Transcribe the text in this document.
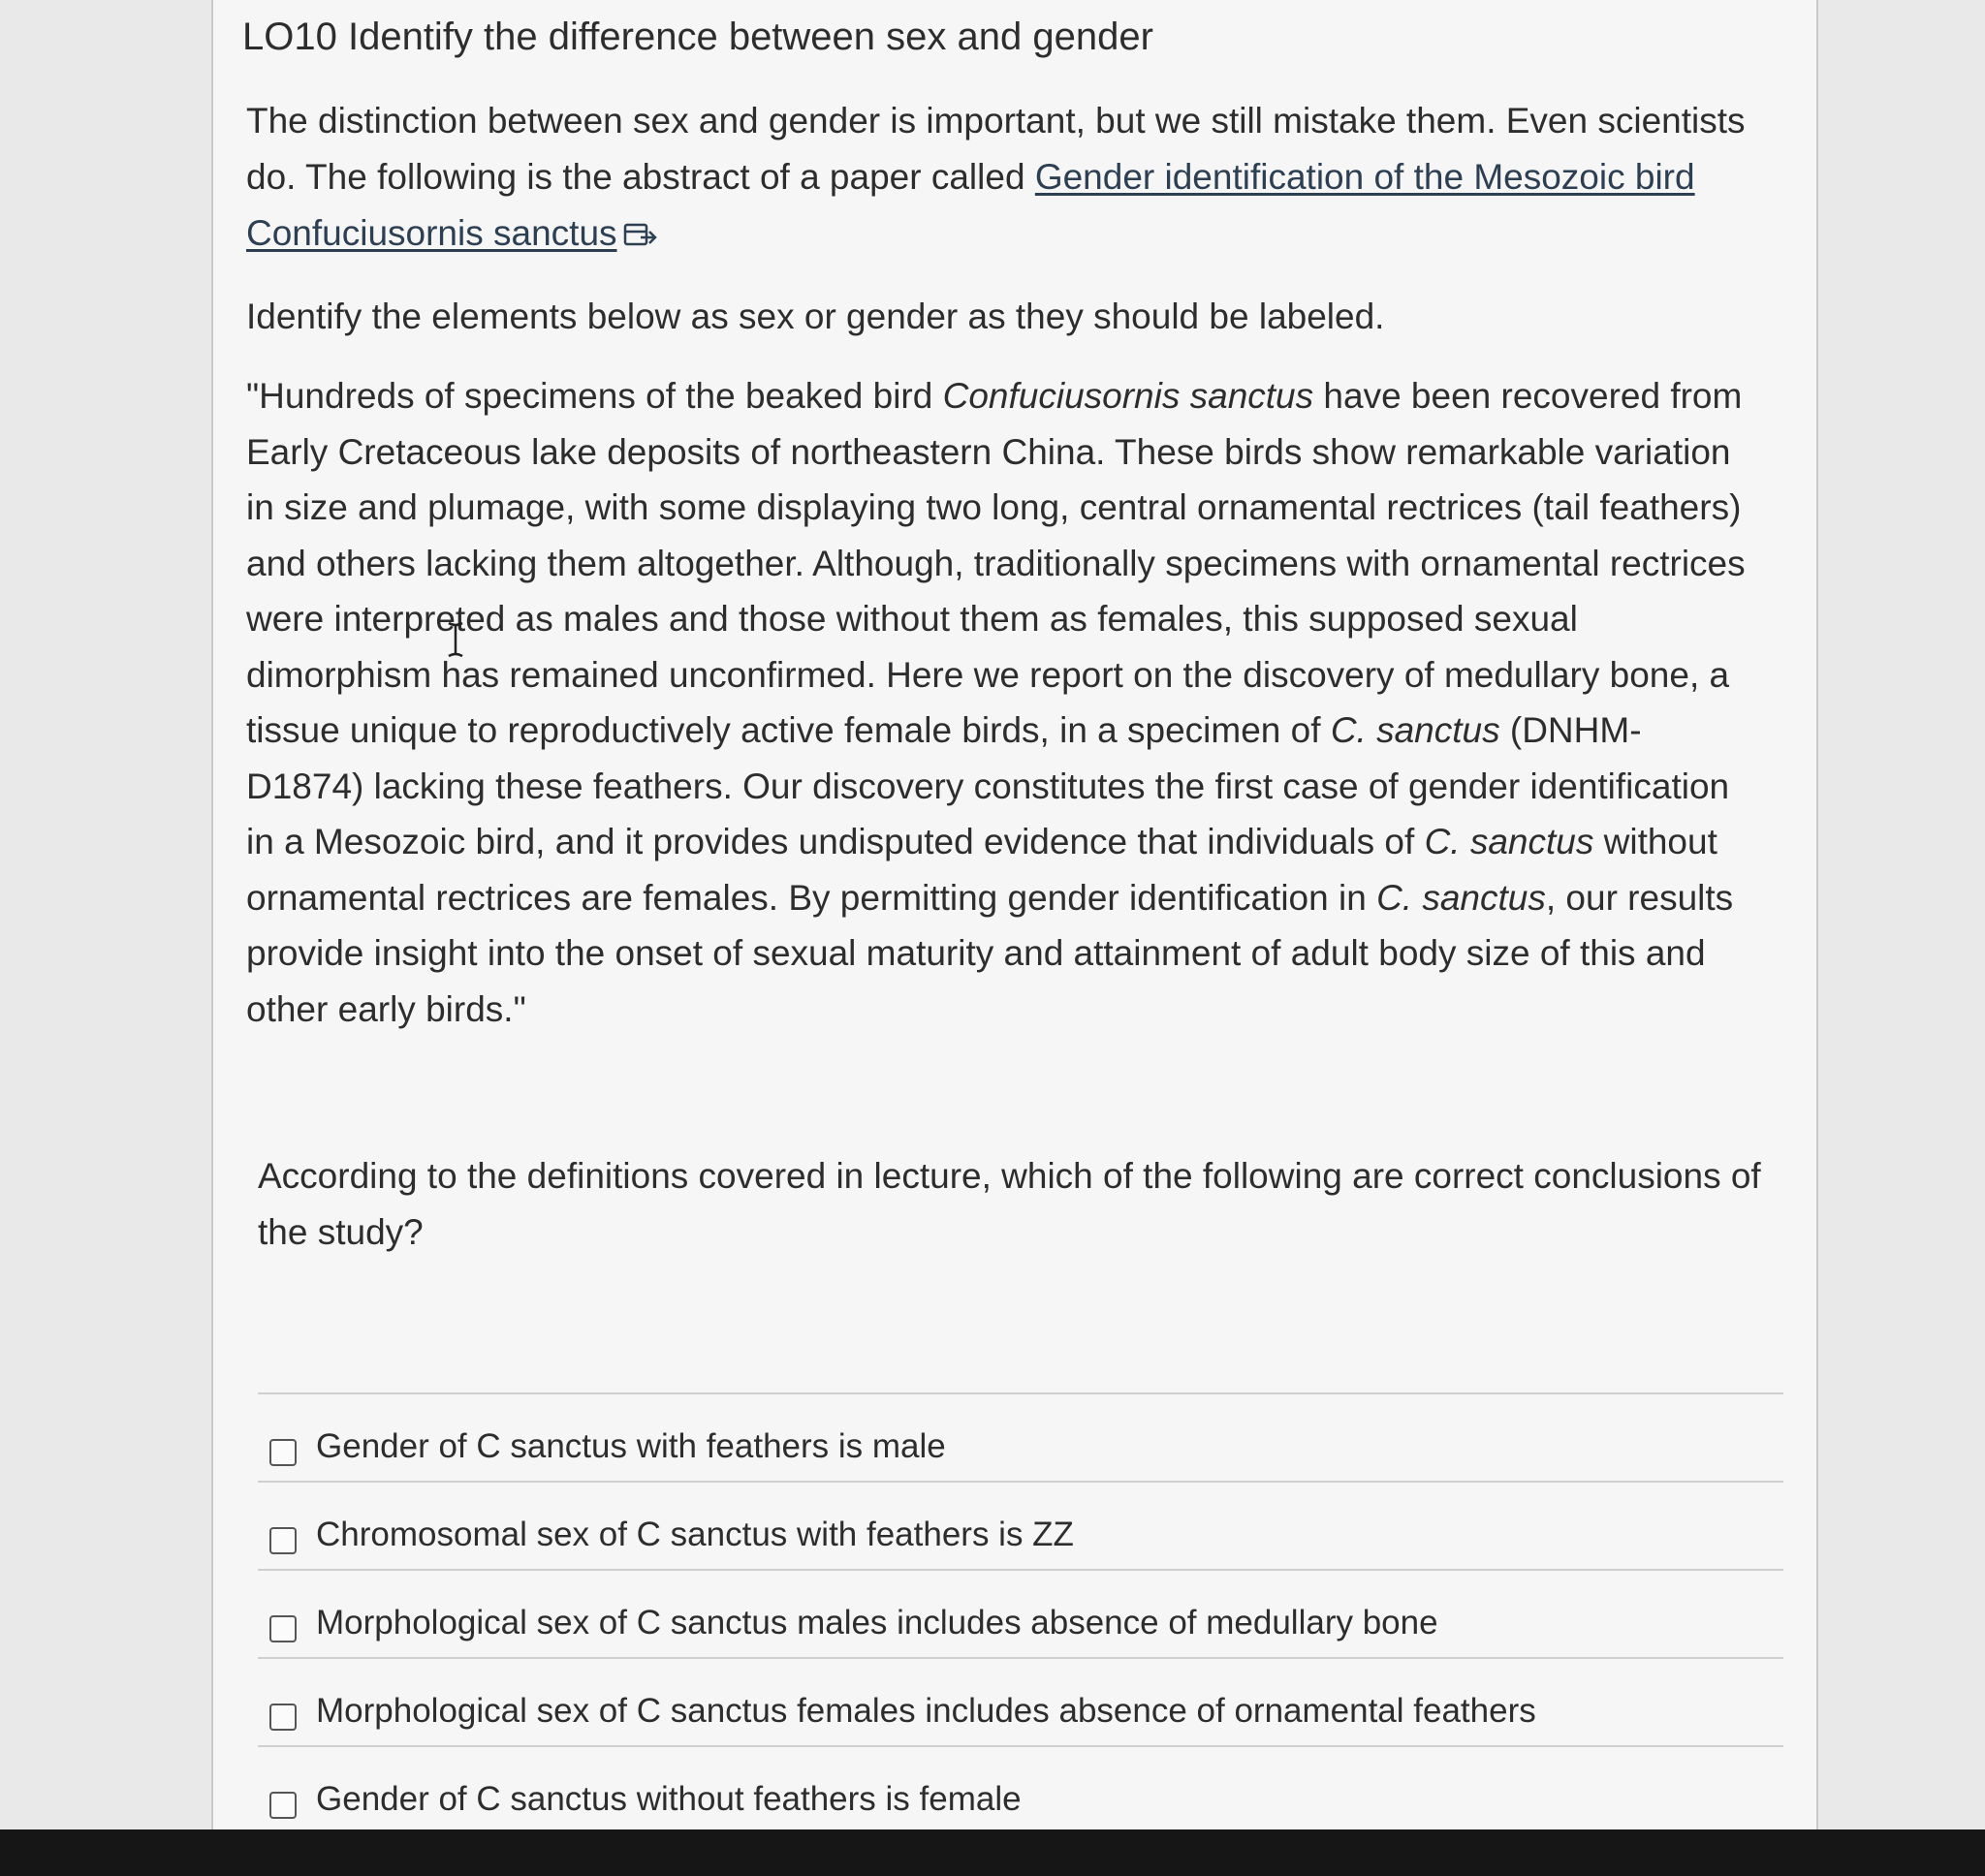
LO10 Identify the difference between sex and gender
The distinction between sex and gender is important, but we still mistake them. Even scientists do. The following is the abstract of a paper called Gender identification of the Mesozoic bird Confuciusornis sanctus
Identify the elements below as sex or gender as they should be labeled.
"Hundreds of specimens of the beaked bird Confuciusornis sanctus have been recovered from Early Cretaceous lake deposits of northeastern China. These birds show remarkable variation in size and plumage, with some displaying two long, central ornamental rectrices (tail feathers) and others lacking them altogether. Although, traditionally specimens with ornamental rectrices were interpreted as males and those without them as females, this supposed sexual dimorphism has remained unconfirmed. Here we report on the discovery of medullary bone, a tissue unique to reproductively active female birds, in a specimen of C. sanctus (DNHM-D1874) lacking these feathers. Our discovery constitutes the first case of gender identification in a Mesozoic bird, and it provides undisputed evidence that individuals of C. sanctus without ornamental rectrices are females. By permitting gender identification in C. sanctus, our results provide insight into the onset of sexual maturity and attainment of adult body size of this and other early birds."
According to the definitions covered in lecture, which of the following are correct conclusions of the study?
Gender of C sanctus with feathers is male
Chromosomal sex of C sanctus with feathers is ZZ
Morphological sex of C sanctus males includes absence of medullary bone
Morphological sex of C sanctus females includes absence of ornamental feathers
Gender of C sanctus without feathers is female
